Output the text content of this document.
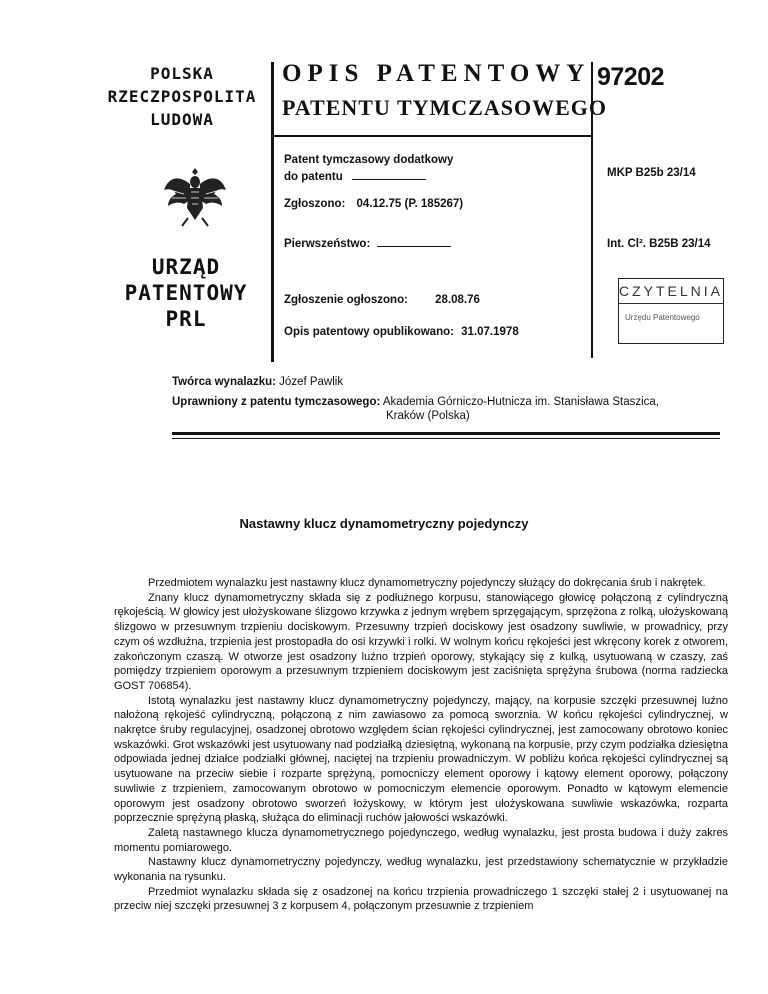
POLSKA
RZECZPOSPOLITA
LUDOWA
URZĄD
PATENTOWY
PRL
OPIS PATENTOWY
PATENTU TYMCZASOWEGO
97202
Patent tymczasowy dodatkowy
do patentu	MKP B25b 23/14
Zgłoszono: 04.12.75 (P. 185267)
Pierwszeństwo:	Int. Cl². B25B 23/14
Zgłoszenie ogłoszono: 28.08.76
Opis patentowy opublikowano: 31.07.1978
CZYTELNIA
Urzędu Patentowego
Twórca wynalazku: Józef Pawlik
Uprawniony z patentu tymczasowego: Akademia Górniczo-Hutnicza im. Stanisława Staszica,
Kraków (Polska)
Nastawny klucz dynamometryczny pojedynczy

Przedmiotem wynalazku jest nastawny klucz dynamometryczny pojedynczy służący do dokręcania śrub i nakrętek.

Znany klucz dynamometryczny składa się z podłużnego korpusu, stanowiącego głowicę połączoną z cylindryczną rękojeścią. W głowicy jest ułożyskowane ślizgowo krzywka z jednym wrębem sprzęgającym, sprzężona z rolką, ułożyskowaną ślizgowo w przesuwnym trzpieniu dociskowym. Przesuwny trzpień dociskowy jest osadzony suwliwie, w prowadnicy, przy czym oś wzdłużna, trzpienia jest prostopadła do osi krzywki i rolki. W wolnym końcu rękojeści jest wkręcony korek z otworem, zakończonym czaszą. W otworze jest osadzony luźno trzpień oporowy, stykający się z kulką, usytuowaną w czaszy, zaś pomiędzy trzpieniem oporowym a przesuwnym trzpieniem dociskowym jest zaciśnięta sprężyna śrubowa (norma radziecka GOST 706854).

Istotą wynalazku jest nastawny klucz dynamometryczny pojedynczy, mający, na korpusie szczęki przesuwnej luźno nałożoną rękojeść cylindryczną, połączoną z nim zawiasowo za pomocą sworznia. W końcu rękojeści cylindrycznej, w nakrętce śruby regulacyjnej, osadzonej obrotowo względem ścian rękojeści cylindrycznej, jest zamocowany obrotowo koniec wskazówki. Grot wskazówki jest usytuowany nad podziałką dziesiętną, wykonaną na korpusie, przy czym podziałka dziesiętna odpowiada jednej działce podziałki głównej, naciętej na trzpieniu prowadniczym. W pobliżu końca rękojeści cylindrycznej są usytuowane na przeciw siebie i rozparte sprężyną, pomocniczy element oporowy i kątowy element oporowy, połączony suwliwie z trzpieniem, zamocowanym obrotowo w pomocniczym elemencie oporowym. Ponadto w kątowym elemencie oporowym jest osadzony obrotowo sworzeń łożyskowy, w którym jest ułożyskowana suwliwie wskazówka, rozparta poprzecznie sprężyną płaską, służąca do eliminacji ruchów jałowości wskazówki.

Zaletą nastawnego klucza dynamometrycznego pojedynczego, według wynalazku, jest prosta budowa i duży zakres momentu pomiarowego.

Nastawny klucz dynamometryczny pojedynczy, według wynalazku, jest przedstawiony schematycznie w przykładzie wykonania na rysunku.

Przedmiot wynalazku składa się z osadzonej na końcu trzpienia prowadniczego 1 szczęki stałej 2 i usytuowanej na przeciw niej szczęki przesuwnej 3 z korpusem 4, połączonym przesuwnie z trzpieniem
